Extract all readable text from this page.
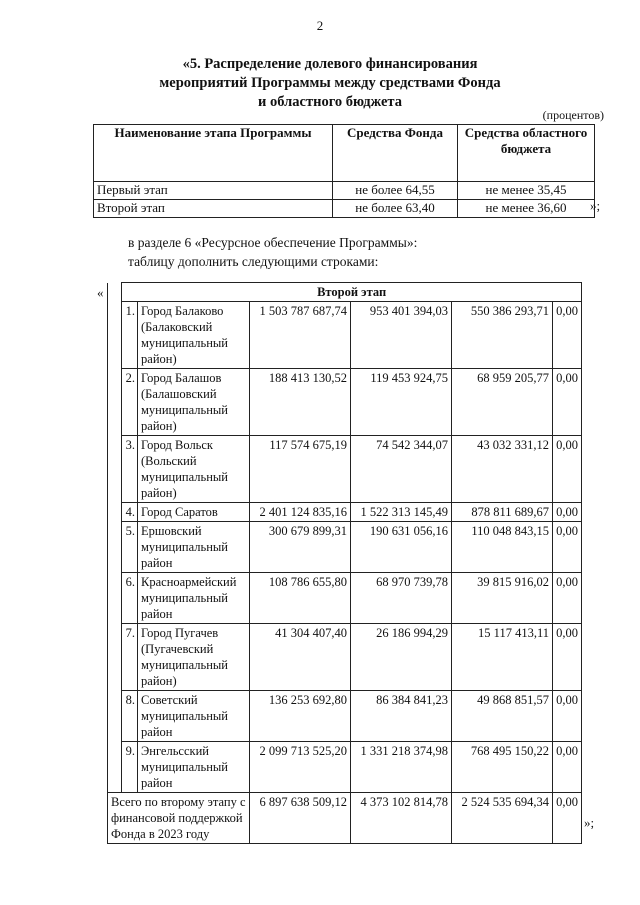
2
«5. Распределение долевого финансирования
мероприятий Программы между средствами Фонда
и областного бюджета
(процентов)
Наименование этапа Программы	Средства Фонда	Средства областного бюджета
Первый этап	не более 64,55	не менее 35,45
Второй этап	не более 63,40	не менее 36,60 »;
в разделе 6 «Ресурсное обеспечение Программы»:
таблицу дополнить следующими строками:
«
		Второй этап					
	1.	Город Балаково (Балаковский муниципальный район)	1 503 787 687,74	953 401 394,03	550 386 293,71	0,00
	2.	Город Балашов (Балашовский муниципальный район)	188 413 130,52	119 453 924,75	68 959 205,77	0,00
	3.	Город Вольск (Вольский муниципальный район)	117 574 675,19	74 542 344,07	43 032 331,12	0,00
	4.	Город Саратов	2 401 124 835,16	1 522 313 145,49	878 811 689,67	0,00
	5.	Ершовский муниципальный район	300 679 899,31	190 631 056,16	110 048 843,15	0,00
	6.	Красноармейский муниципальный район	108 786 655,80	68 970 739,78	39 815 916,02	0,00
	7.	Город Пугачев (Пугачевский муниципальный район)	41 304 407,40	26 186 994,29	15 117 413,11	0,00
	8.	Советский муниципальный район	136 253 692,80	86 384 841,23	49 868 851,57	0,00
	9.	Энгельсский муниципальный район	2 099 713 525,20	1 331 218 374,98	768 495 150,22	0,00
Всего по второму этапу с финансовой поддержкой Фонда в 2023 году			6 897 638 509,12	4 373 102 814,78	2 524 535 694,34	0,00
»;
